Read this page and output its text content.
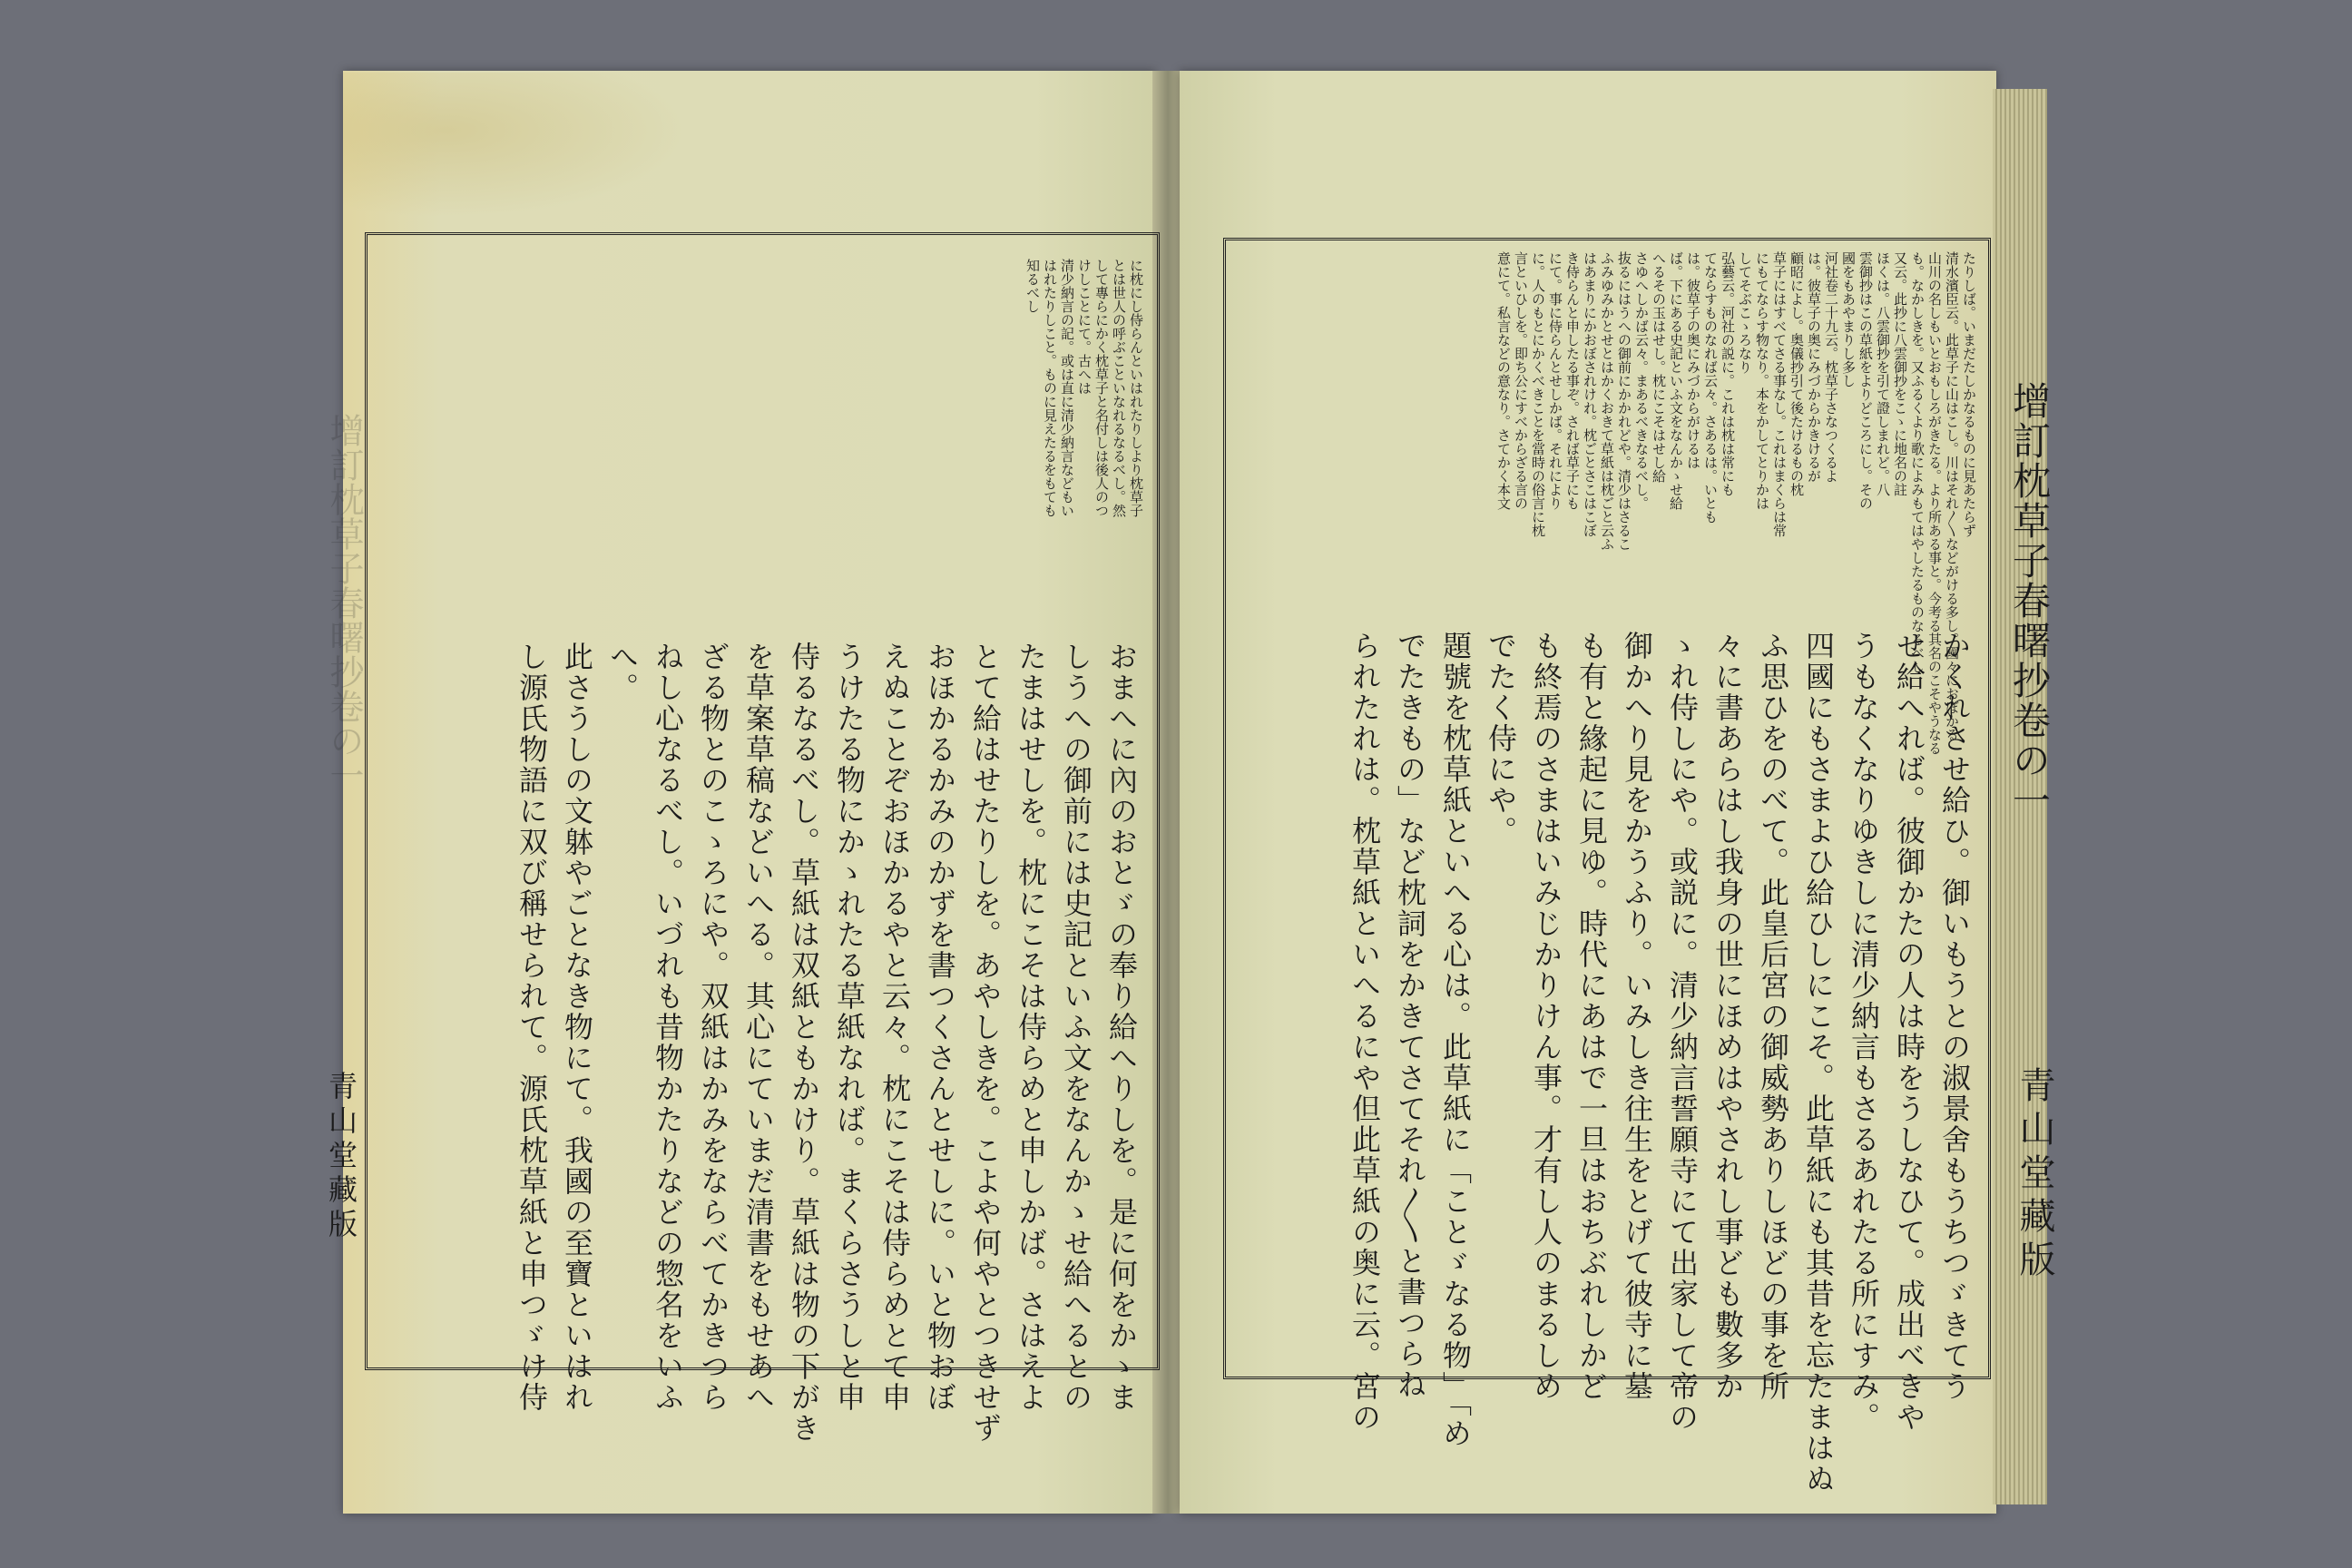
增訂枕草子春曙抄卷の一
青山堂藏版
增訂枕草子春曙抄卷の一
青山堂藏版
に枕にし侍らんといはれたりしより枕草子
とは世人の呼ぶこといなれるなるべし。然
して專らにかく枕草子と名付しは後人のつ
けしことにて。古へは
清少納言の記。或は直に清少納言などもい
はれたりしこと。ものに見えたるをもても
知るべし
おまへに內のおとゞの奉り給へりしを。是に何をかゝま
しうへの御前には史記といふ文をなんかゝせ給へるとの
たまはせしを。枕にこそは侍らめと申しかば。さはえよ
とて給はせたりしを。あやしきを。こよや何やとつきせず
おほかるかみのかずを書つくさんとせしに。いと物おぼ
えぬことぞおほかるやと云々。枕にこそは侍らめとて申
うけたる物にかゝれたる草紙なれば。まくらさうしと申
侍るなるべし。草紙は双紙ともかけり。草紙は物の下がき
を草案草稿などいへる。其心にていまだ清書をもせあへ
ざる物とのこゝろにや。双紙はかみをならべてかきつら
ねし心なるべし。いづれも昔物かたりなどの惣名をいふ
へ。
此さうしの文躰やごとなき物にて。我國の至寶といはれ
し源氏物語に双び稱せられて。源氏枕草紙と申つゞけ侍
たりしば。いまだたしかなるものに見あたらず
清水濱臣云。此草子に山はこし。川はそれ〳〵などがける多し。國々におぼかる
山川の名しもいとおもしろがきたる。より所ある事と。今考る其名のこそやうなる
も。なかしきを。又ふるくより歌によみもてはやしたるものなるべし
又云。此抄に八雲御抄をこゝに地名の註
ほくは。八雲御抄を引て證しまれど。八
雲御抄はこの草紙をよりどころにし。その
國をもあやまりし多し
河社卷二十九云。枕草子さなつくるよ
は。彼草子の奥にみづからかきけるが
顧昭によし。奥儀抄引て後たけるもの枕
草子にはすべてさる事なし。これはまくらは常
にもてならす物なり。本をかしてとりかは
してそぶこゝろなり
弘藝云。河社の説に。これは枕は常にも
てならすものなれば云々。さあるは。いとも
は。彼草子の奥にみづからがけるは
ば。下にある史記といふ文をなんかゝせ給
へるその玉はせし。枕にこそはせし給
さゆへしかば云々。まあるべきなるべし。
抜るにはうへの御前にかかれどや。清少はさるこ
ふみゆみかとせとはかくおきて草紙は枕ごと云ふ
はあまりにかおぼされけれ。枕ごとさこはこぼ
き侍らんと申したる事ぞ。されば草子にも
にて。事に侍らんとせしかば。それにより
に。人のもとにかくべきことを當時の俗言に枕
言といひしを。即ち公にすべからざる言の
意にて。私言などの意なり。さてかく本文
かくれさせ給ひ。御いもうとの淑景舍もうちつゞきてう
せ給へれば。彼御かたの人は時をうしなひて。成出べきや
うもなくなりゆきしに清少納言もさるあれたる所にすみ。
四國にもさまよひ給ひしにこそ。此草紙にも其昔を忘たまはぬ
ふ思ひをのべて。此皇后宮の御威勢ありしほどの事を所
々に書あらはし我身の世にほめはやされし事ども數多か
ゝれ侍しにや。或説に。清少納言誓願寺にて出家して帝の
御かへり見をかうふり。いみしき往生をとげて彼寺に墓
も有と緣起に見ゆ。時代にあはで一旦はおちぶれしかど
も終焉のさまはいみじかりけん事。才有し人のまるしめ
でたく侍にや。
題號を枕草紙といへる心は。此草紙に「ことゞなる物」「め
でたきもの」など枕詞をかきてさてそれ〳〵と書つらね
られたれは。枕草紙といへるにや但此草紙の奥に云。宮の
